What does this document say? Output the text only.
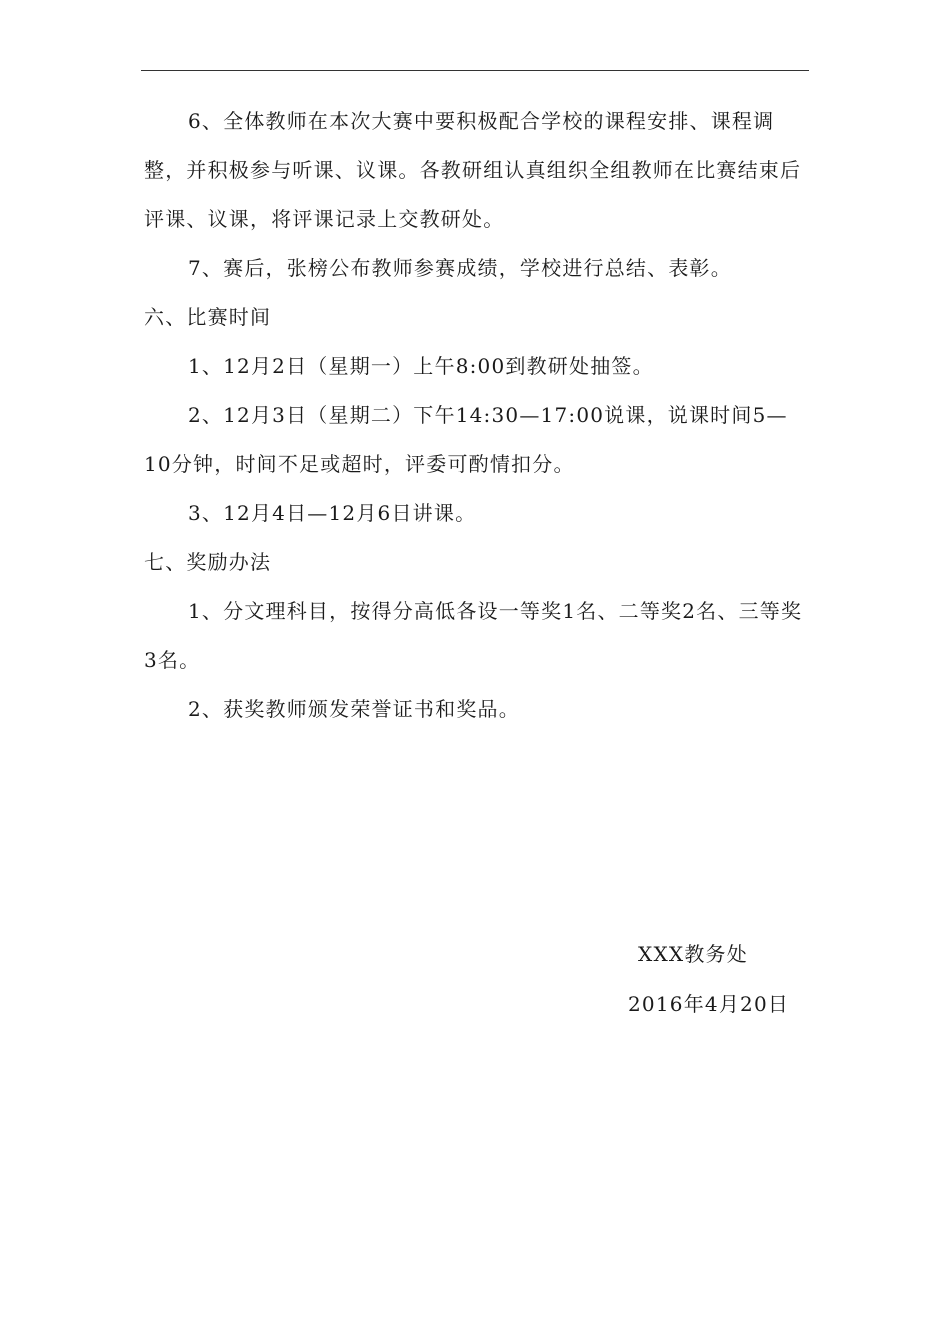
6、全体教师在本次大赛中要积极配合学校的课程安排、课程调整，并积极参与听课、议课。各教研组认真组织全组教师在比赛结束后评课、议课，将评课记录上交教研处。

7、赛后，张榜公布教师参赛成绩，学校进行总结、表彰。

六、比赛时间

1、12月2日（星期一）上午8:00到教研处抽签。

2、12月3日（星期二）下午14:30—17:00说课，说课时间5—10分钟，时间不足或超时，评委可酌情扣分。

3、12月4日—12月6日讲课。

七、奖励办法

1、分文理科目，按得分高低各设一等奖1名、二等奖2名、三等奖3名。

2、获奖教师颁发荣誉证书和奖品。

XXX教务处
2016年4月20日
